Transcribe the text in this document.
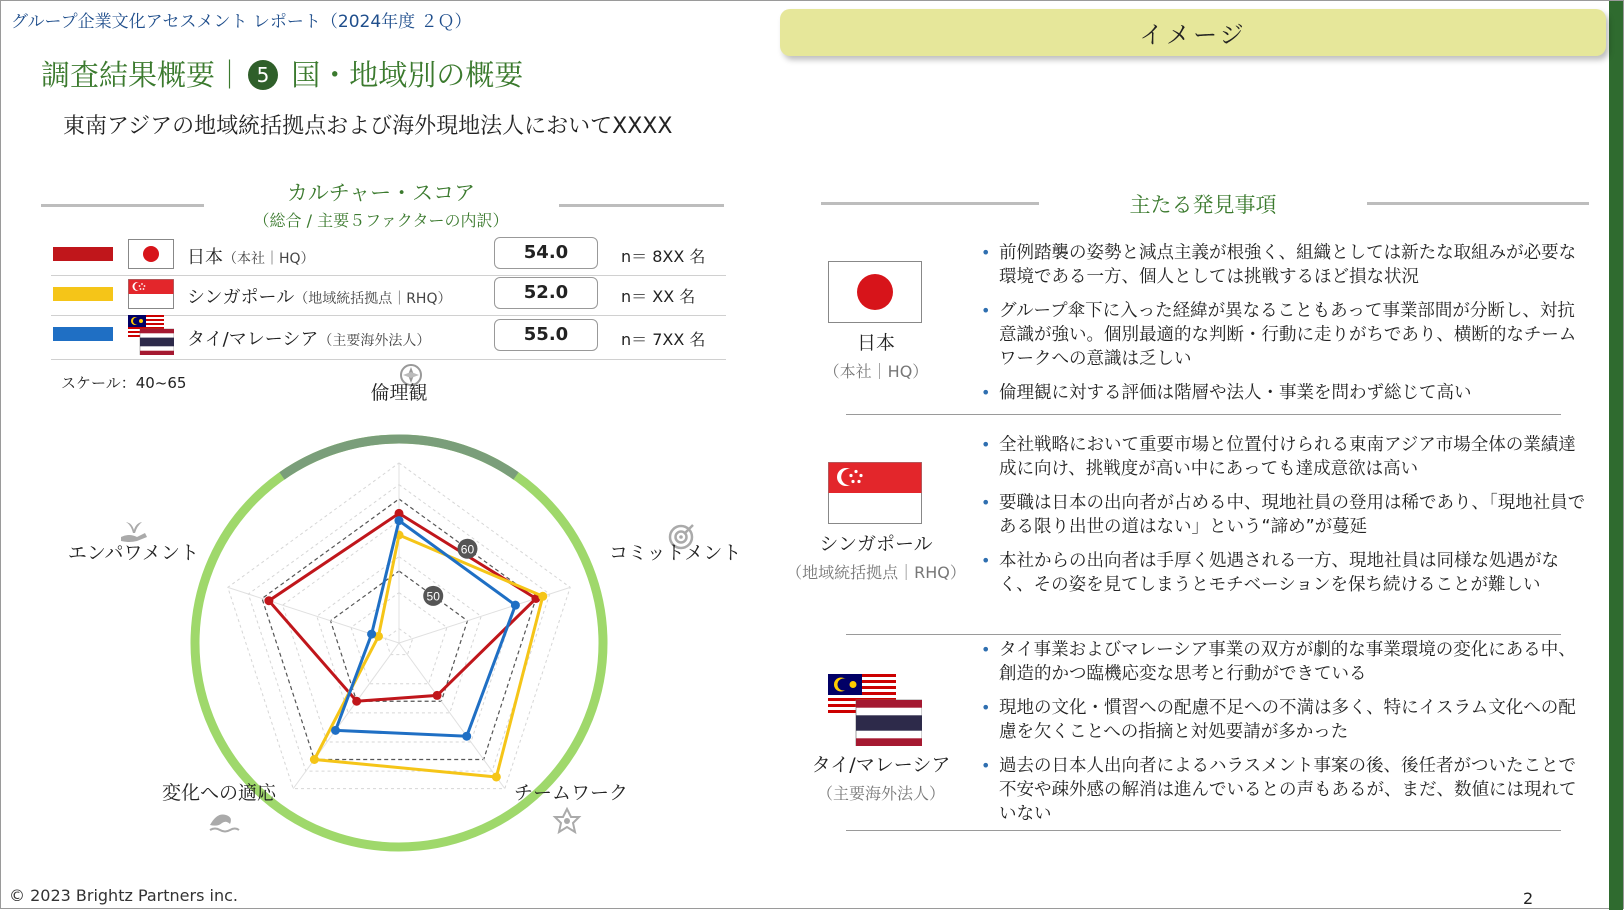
グループ企業文化アセスメント レポート（2024年度 ２Ｑ）	イメージ
調査結果概要｜ 5 国・地域別の概要
東南アジアの地域統括拠点および海外現地法人においてXXXX
カルチャー・スコア
（総合 / 主要５ファクターの内訳）
日本（本社｜HQ）	54.0	n＝ 8XX 名
シンガポール（地域統括拠点｜RHQ）	52.0	n＝ XX 名
タイ/マレーシア（主要海外法人）	55.0	n＝ 7XX 名
スケール：40~65
50
60
倫理観
コミットメント
チームワーク
変化への適応
エンパワメント
主たる発見事項
日本
（本社｜HQ）
• 前例踏襲の姿勢と減点主義が根強く、組織としては新たな取組みが必要な環境である一方、個人としては挑戦するほど損な状況
• グループ傘下に入った経緯が異なることもあって事業部間が分断し、対抗意識が強い。個別最適的な判断・行動に走りがちであり、横断的なチームワークへの意識は乏しい
• 倫理観に対する評価は階層や法人・事業を問わず総じて高い
シンガポール
（地域統括拠点｜RHQ）
• 全社戦略において重要市場と位置付けられる東南アジア市場全体の業績達成に向け、挑戦度が高い中にあっても達成意欲は高い
• 要職は日本の出向者が占める中、現地社員の登用は稀であり、「現地社員である限り出世の道はない」という“諦め”が蔓延
• 本社からの出向者は手厚く処遇される一方、現地社員は同様な処遇がなく、その姿を見てしまうとモチベーションを保ち続けることが難しい
タイ/マレーシア
（主要海外法人）
• タイ事業およびマレーシア事業の双方が劇的な事業環境の変化にある中、創造的かつ臨機応変な思考と行動ができている
• 現地の文化・慣習への配慮不足への不満は多く、特にイスラム文化への配慮を欠くことへの指摘と対処要請が多かった
• 過去の日本人出向者によるハラスメント事案の後、後任者がついたことで不安や疎外感の解消は進んでいるとの声もあるが、まだ、数値には現れていない
© 2023 Brightz Partners inc.	2
